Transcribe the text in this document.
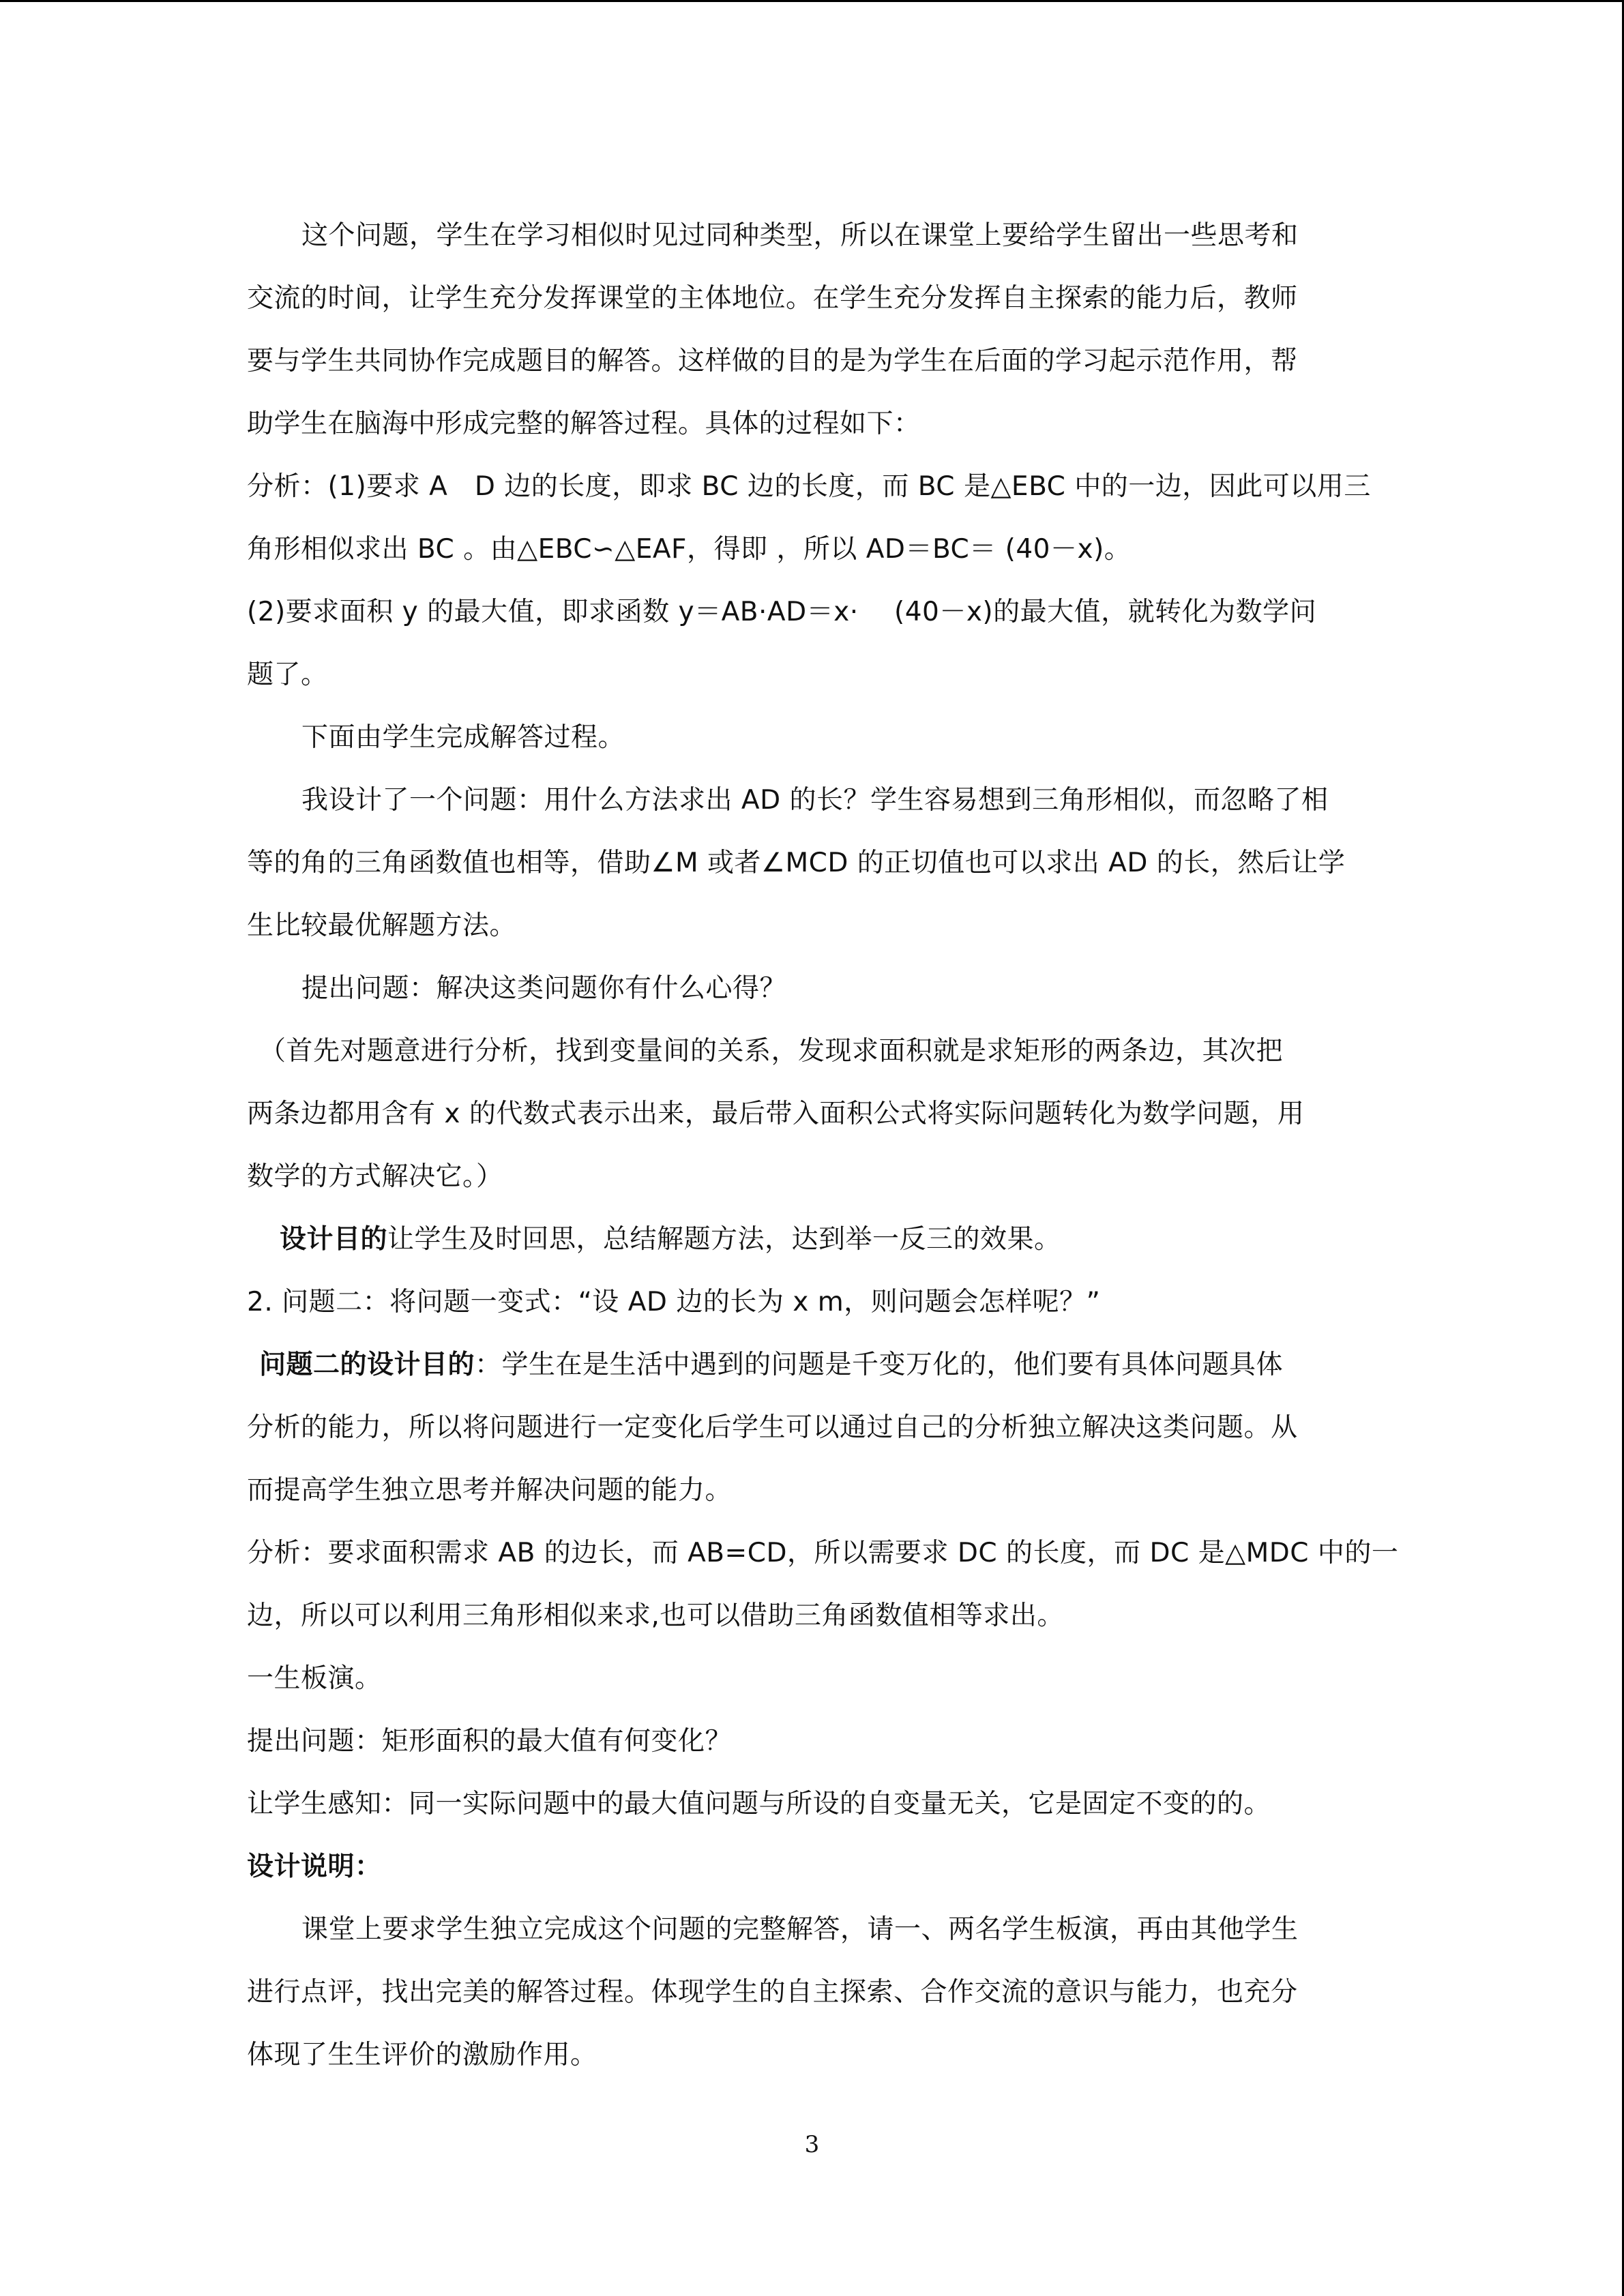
这个问题，学生在学习相似时见过同种类型，所以在课堂上要给学生留出一些思考和
交流的时间，让学生充分发挥课堂的主体地位。在学生充分发挥自主探索的能力后，教师
要与学生共同协作完成题目的解答。这样做的目的是为学生在后面的学习起示范作用，帮
助学生在脑海中形成完整的解答过程。具体的过程如下：
分析：(1)要求 A　D 边的长度，即求 BC 边的长度，而 BC 是△EBC 中的一边，因此可以用三
角形相似求出 BC 。由△EBC∽△EAF，得即 ，所以 AD＝BC＝ (40－x)。
(2)要求面积 y 的最大值，即求函数 y＝AB·AD＝x·　 (40－x)的最大值，就转化为数学问
题了。
下面由学生完成解答过程。
我设计了一个问题：用什么方法求出 AD 的长？学生容易想到三角形相似，而忽略了相
等的角的三角函数值也相等，借助∠M 或者∠MCD 的正切值也可以求出 AD 的长，然后让学
生比较最优解题方法。
提出问题：解决这类问题你有什么心得？
（首先对题意进行分析，找到变量间的关系，发现求面积就是求矩形的两条边，其次把
两条边都用含有 x 的代数式表示出来，最后带入面积公式将实际问题转化为数学问题，用
数学的方式解决它。）
设计目的让学生及时回思，总结解题方法，达到举一反三的效果。
2. 问题二：将问题一变式：“设 AD 边的长为 x m，则问题会怎样呢？”
问题二的设计目的：学生在是生活中遇到的问题是千变万化的，他们要有具体问题具体
分析的能力，所以将问题进行一定变化后学生可以通过自己的分析独立解决这类问题。从
而提高学生独立思考并解决问题的能力。
分析：要求面积需求 AB 的边长，而 AB=CD，所以需要求 DC 的长度，而 DC 是△MDC 中的一
边，所以可以利用三角形相似来求,也可以借助三角函数值相等求出。
一生板演。
提出问题：矩形面积的最大值有何变化？
让学生感知：同一实际问题中的最大值问题与所设的自变量无关，它是固定不变的的。
设计说明：
课堂上要求学生独立完成这个问题的完整解答，请一、两名学生板演，再由其他学生
进行点评，找出完美的解答过程。体现学生的自主探索、合作交流的意识与能力，也充分
体现了生生评价的激励作用。
3
